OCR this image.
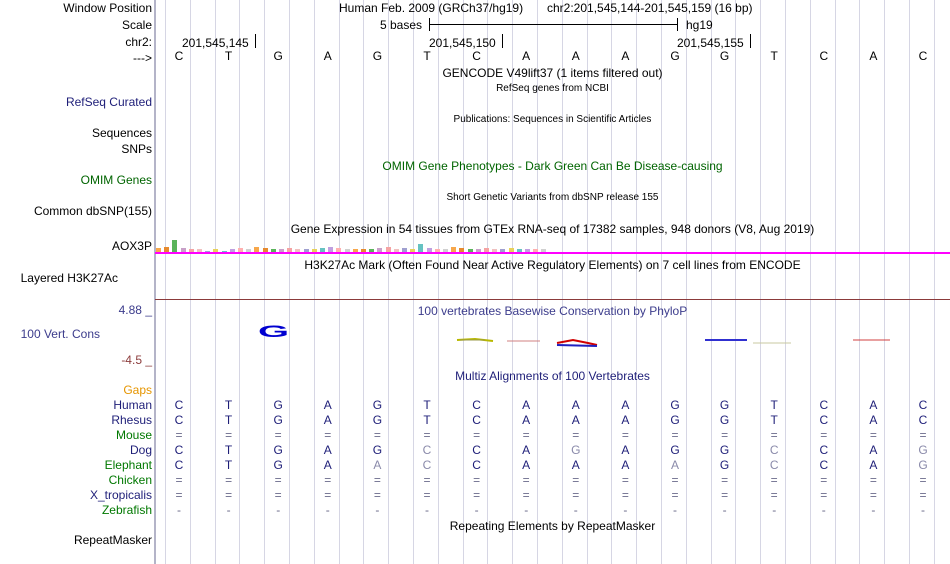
Window Position
Scale
chr2:
--->
RefSeq Curated
Sequences
SNPs
OMIM Genes
Common dbSNP(155)
AOX3P
Layered H3K27Ac
4.88 _
100 Vert. Cons
-4.5 _
Gaps
RepeatMasker
Human Feb. 2009 (GRCh37/hg19) chr2:201,545,144-201,545,159 (16 bp)
5 bases	hg19
201,545,145	201,545,150	201,545,155
C	T	G	A	G	T	C	A	A	A	G	G	T	C	A	C
GENCODE V49lift37 (1 items filtered out)
RefSeq genes from NCBI
Publications: Sequences in Scientific Articles
OMIM Gene Phenotypes - Dark Green Can Be Disease-causing
Short Genetic Variants from dbSNP release 155
Gene Expression in 54 tissues from GTEx RNA-seq of 17382 samples, 948 donors (V8, Aug 2019)
H3K27Ac Mark (Often Found Near Active Regulatory Elements) on 7 cell lines from ENCODE
100 vertebrates Basewise Conservation by PhyloP
G
Multiz Alignments of 100 Vertebrates
Human	C	T	G	A	G	T	C	A	A	A	G	G	T	C	A	C
Rhesus	C	T	G	A	G	T	C	A	A	A	G	G	T	C	A	C
Mouse	=	=	=	=	=	=	=	=	=	=	=	=	=	=	=	=
Dog	C	T	G	A	G	C	C	A	G	A	G	G	C	C	A	G
Elephant	C	T	G	A	A	C	C	A	A	A	A	G	C	C	A	G
Chicken	=	=	=	=	=	=	=	=	=	=	=	=	=	=	=	=
X_tropicalis	=	=	=	=	=	=	=	=	=	=	=	=	=	=	=	=
Zebrafish	-	-	-	-	-	-	-	-	-	-	-	-	-	-	-	-
Repeating Elements by RepeatMasker
